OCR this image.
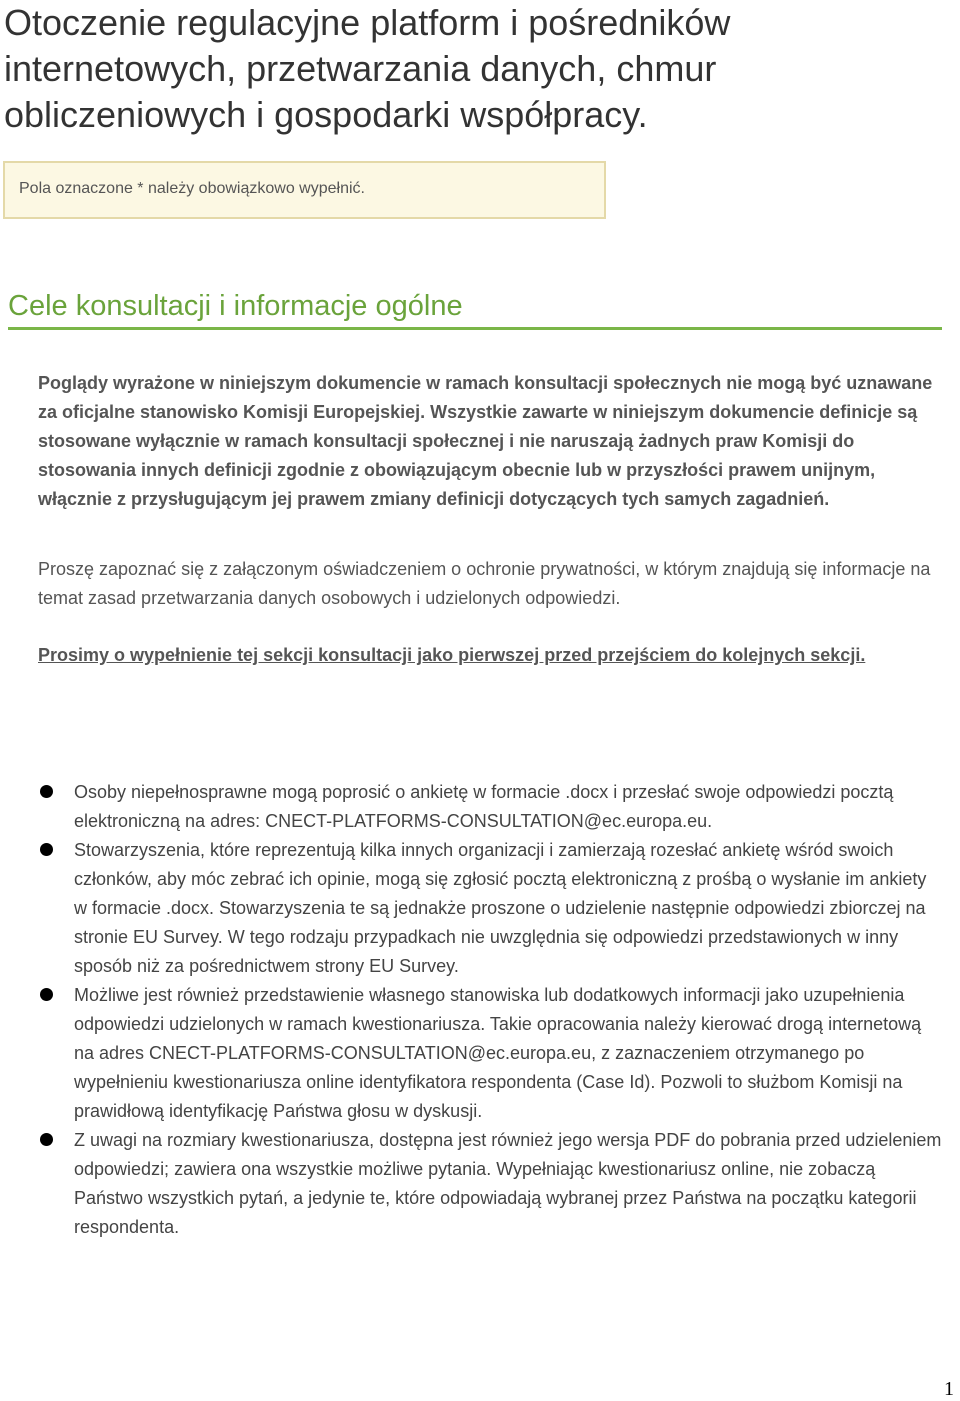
Otoczenie regulacyjne platform i pośredników internetowych, przetwarzania danych, chmur obliczeniowych i gospodarki współpracy.
Pola oznaczone * należy obowiązkowo wypełnić.
Cele konsultacji i informacje ogólne

Poglądy wyrażone w niniejszym dokumencie w ramach konsultacji społecznych nie mogą być uznawane za oficjalne stanowisko Komisji Europejskiej. Wszystkie zawarte w niniejszym dokumencie definicje są stosowane wyłącznie w ramach konsultacji społecznej i nie naruszają żadnych praw Komisji do stosowania innych definicji zgodnie z obowiązującym obecnie lub w przyszłości prawem unijnym, włącznie z przysługującym jej prawem zmiany definicji dotyczących tych samych zagadnień.

Proszę zapoznać się z załączonym oświadczeniem o ochronie prywatności, w którym znajdują się informacje na temat zasad przetwarzania danych osobowych i udzielonych odpowiedzi.

Prosimy o wypełnienie tej sekcji konsultacji jako pierwszej przed przejściem do kolejnych sekcji.

Osoby niepełnosprawne mogą poprosić o ankietę w formacie .docx i przesłać swoje odpowiedzi pocztą elektroniczną na adres: CNECT-PLATFORMS-CONSULTATION@ec.europa.eu.
Stowarzyszenia, które reprezentują kilka innych organizacji i zamierzają rozesłać ankietę wśród swoich członków, aby móc zebrać ich opinie, mogą się zgłosić pocztą elektroniczną z prośbą o wysłanie im ankiety w formacie .docx. Stowarzyszenia te są jednakże proszone o udzielenie następnie odpowiedzi zbiorczej na stronie EU Survey. W tego rodzaju przypadkach nie uwzględnia się odpowiedzi przedstawionych w inny sposób niż za pośrednictwem strony EU Survey.
Możliwe jest również przedstawienie własnego stanowiska lub dodatkowych informacji jako uzupełnienia odpowiedzi udzielonych w ramach kwestionariusza. Takie opracowania należy kierować drogą internetową na adres CNECT-PLATFORMS-CONSULTATION@ec.europa.eu, z zaznaczeniem otrzymanego po wypełnieniu kwestionariusza online identyfikatora respondenta (Case Id). Pozwoli to służbom Komisji na prawidłową identyfikację Państwa głosu w dyskusji.
Z uwagi na rozmiary kwestionariusza, dostępna jest również jego wersja PDF do pobrania przed udzieleniem odpowiedzi; zawiera ona wszystkie możliwe pytania. Wypełniając kwestionariusz online, nie zobaczą Państwo wszystkich pytań, a jedynie te, które odpowiadają wybranej przez Państwa na początku kategorii respondenta.
1
